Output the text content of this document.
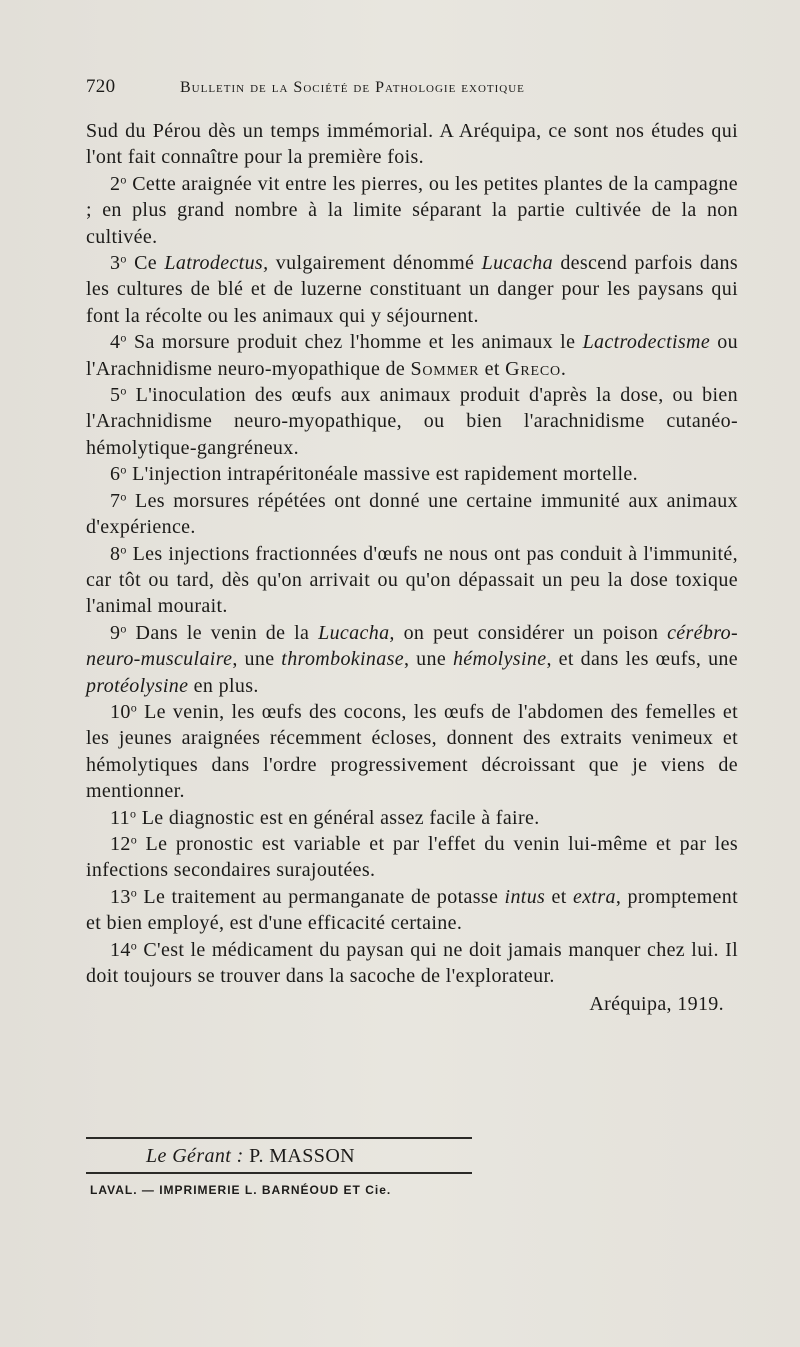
720	Bulletin de la Société de Pathologie exotique

Sud du Pérou dès un temps immémorial. A Aréquipa, ce sont nos études qui l'ont fait connaître pour la première fois.

2$^o$ Cette araignée vit entre les pierres, ou les petites plantes de la campagne ; en plus grand nombre à la limite séparant la partie cultivée de la non cultivée.

3$^o$ Ce Latrodectus, vulgairement dénommé Lucacha descend parfois dans les cultures de blé et de luzerne constituant un danger pour les paysans qui font la récolte ou les animaux qui y séjournent.

4$^o$ Sa morsure produit chez l'homme et les animaux le Lactrodectisme ou l'Arachnidisme neuro-myopathique de Sommer et Greco.

5$^o$ L'inoculation des œufs aux animaux produit d'après la dose, ou bien l'Arachnidisme neuro-myopathique, ou bien l'arachnidisme cutanéo-hémolytique-gangréneux.

6$^o$ L'injection intrapéritonéale massive est rapidement mortelle.

7$^o$ Les morsures répétées ont donné une certaine immunité aux animaux d'expérience.

8$^o$ Les injections fractionnées d'œufs ne nous ont pas conduit à l'immunité, car tôt ou tard, dès qu'on arrivait ou qu'on dépassait un peu la dose toxique l'animal mourait.

9$^o$ Dans le venin de la Lucacha, on peut considérer un poison cérébro-neuro-musculaire, une thrombokinase, une hémolysine, et dans les œufs, une protéolysine en plus.

10$^o$ Le venin, les œufs des cocons, les œufs de l'abdomen des femelles et les jeunes araignées récemment écloses, donnent des extraits venimeux et hémolytiques dans l'ordre progressivement décroissant que je viens de mentionner.

11$^o$ Le diagnostic est en général assez facile à faire.

12$^o$ Le pronostic est variable et par l'effet du venin lui-même et par les infections secondaires surajoutées.

13$^o$ Le traitement au permanganate de potasse intus et extra, promptement et bien employé, est d'une efficacité certaine.

14$^o$ C'est le médicament du paysan qui ne doit jamais manquer chez lui. Il doit toujours se trouver dans la sacoche de l'explorateur.

Aréquipa, 1919.

Le Gérant : P. MASSON
LAVAL. — IMPRIMERIE L. BARNÉOUD ET Cie.
